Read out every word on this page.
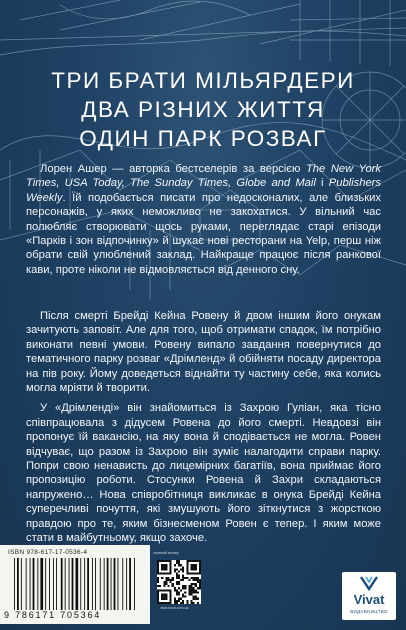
ТРИ БРАТИ МІЛЬЯРДЕРИ
ДВА РІЗНИХ ЖИТТЯ
ОДИН ПАРК РОЗВАГ

Лорен Ашер — авторка бестселерів за версією The New York Times, USA Today, The Sunday Times, Globe and Mail і Publishers Weekly. Їй подобається писати про недосконалих, але близьких персонажів, у яких неможливо не закохатися. У вільний час полюбляє створювати щось руками, переглядає старі епізоди «Парків і зон відпочинку» й шукає нові ресторани на Yelp, перш ніж обрати свій улюблений заклад. Найкраще працює після ранкової кави, проте ніколи не відмовляється від денного сну.

Після смерті Брейді Кейна Ровену й двом іншим його онукам зачитують заповіт. Але для того, щоб отримати спадок, їм потрібно виконати певні умови. Ровену випало завдання повернутися до тематичного парку розваг «Дрімленд» й обійняти посаду директора на пів року. Йому доведеться віднайти ту частину себе, яка колись могла мріяти й творити.

У «Дрімленді» він знайомиться із Захрою Гуліан, яка тісно співпрацювала з дідусем Ровена до його смерті. Невдовзі він пропонує їй вакансію, на яку вона й сподівається не могла. Ровен відчуває, що разом із Захрою він зуміє налагодити справи парку. Попри свою ненависть до лицемірних багатіїв, вона приймає його пропозицію роботи. Стосунки Ровена й Захри складаються напружено… Нова співробітниця викликає в онука Брейді Кейна суперечливі почуття, які змушують його зіткнутися з жорсткою правдою про те, яким бізнесменом Ровен є тепер. І яким може стати в майбутньому, якщо захоче.

ISBN 978-617-17-0536-4
9 786171 705364
отримай знижку
vivat-book.com.ua
Vivat
ВИДАВНИЦТВО
